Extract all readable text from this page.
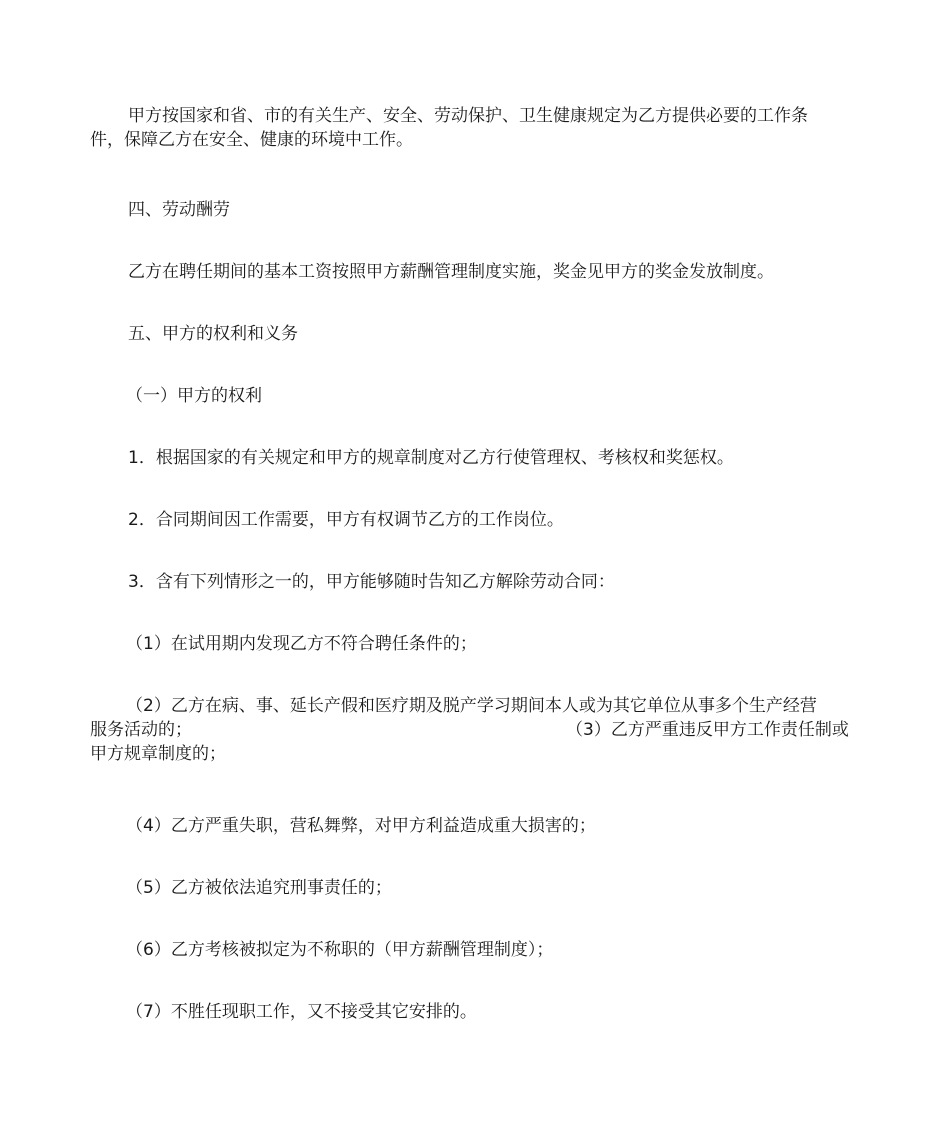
甲方按国家和省、市的有关生产、安全、劳动保护、卫生健康规定为乙方提供必要的工作条
件，保障乙方在安全、健康的环境中工作。
四、劳动酬劳
乙方在聘任期间的基本工资按照甲方薪酬管理制度实施，奖金见甲方的奖金发放制度。
五、甲方的权利和义务
（一）甲方的权利
1．根据国家的有关规定和甲方的规章制度对乙方行使管理权、考核权和奖惩权。
2．合同期间因工作需要，甲方有权调节乙方的工作岗位。
3．含有下列情形之一的，甲方能够随时告知乙方解除劳动合同：
（1）在试用期内发现乙方不符合聘任条件的；
（2）乙方在病、事、延长产假和医疗期及脱产学习期间本人或为其它单位从事多个生产经营
服务活动的；	（3）乙方严重违反甲方工作责任制或
甲方规章制度的；
（4）乙方严重失职，营私舞弊，对甲方利益造成重大损害的；
（5）乙方被依法追究刑事责任的；
（6）乙方考核被拟定为不称职的（甲方薪酬管理制度）；
（7）不胜任现职工作，又不接受其它安排的。
